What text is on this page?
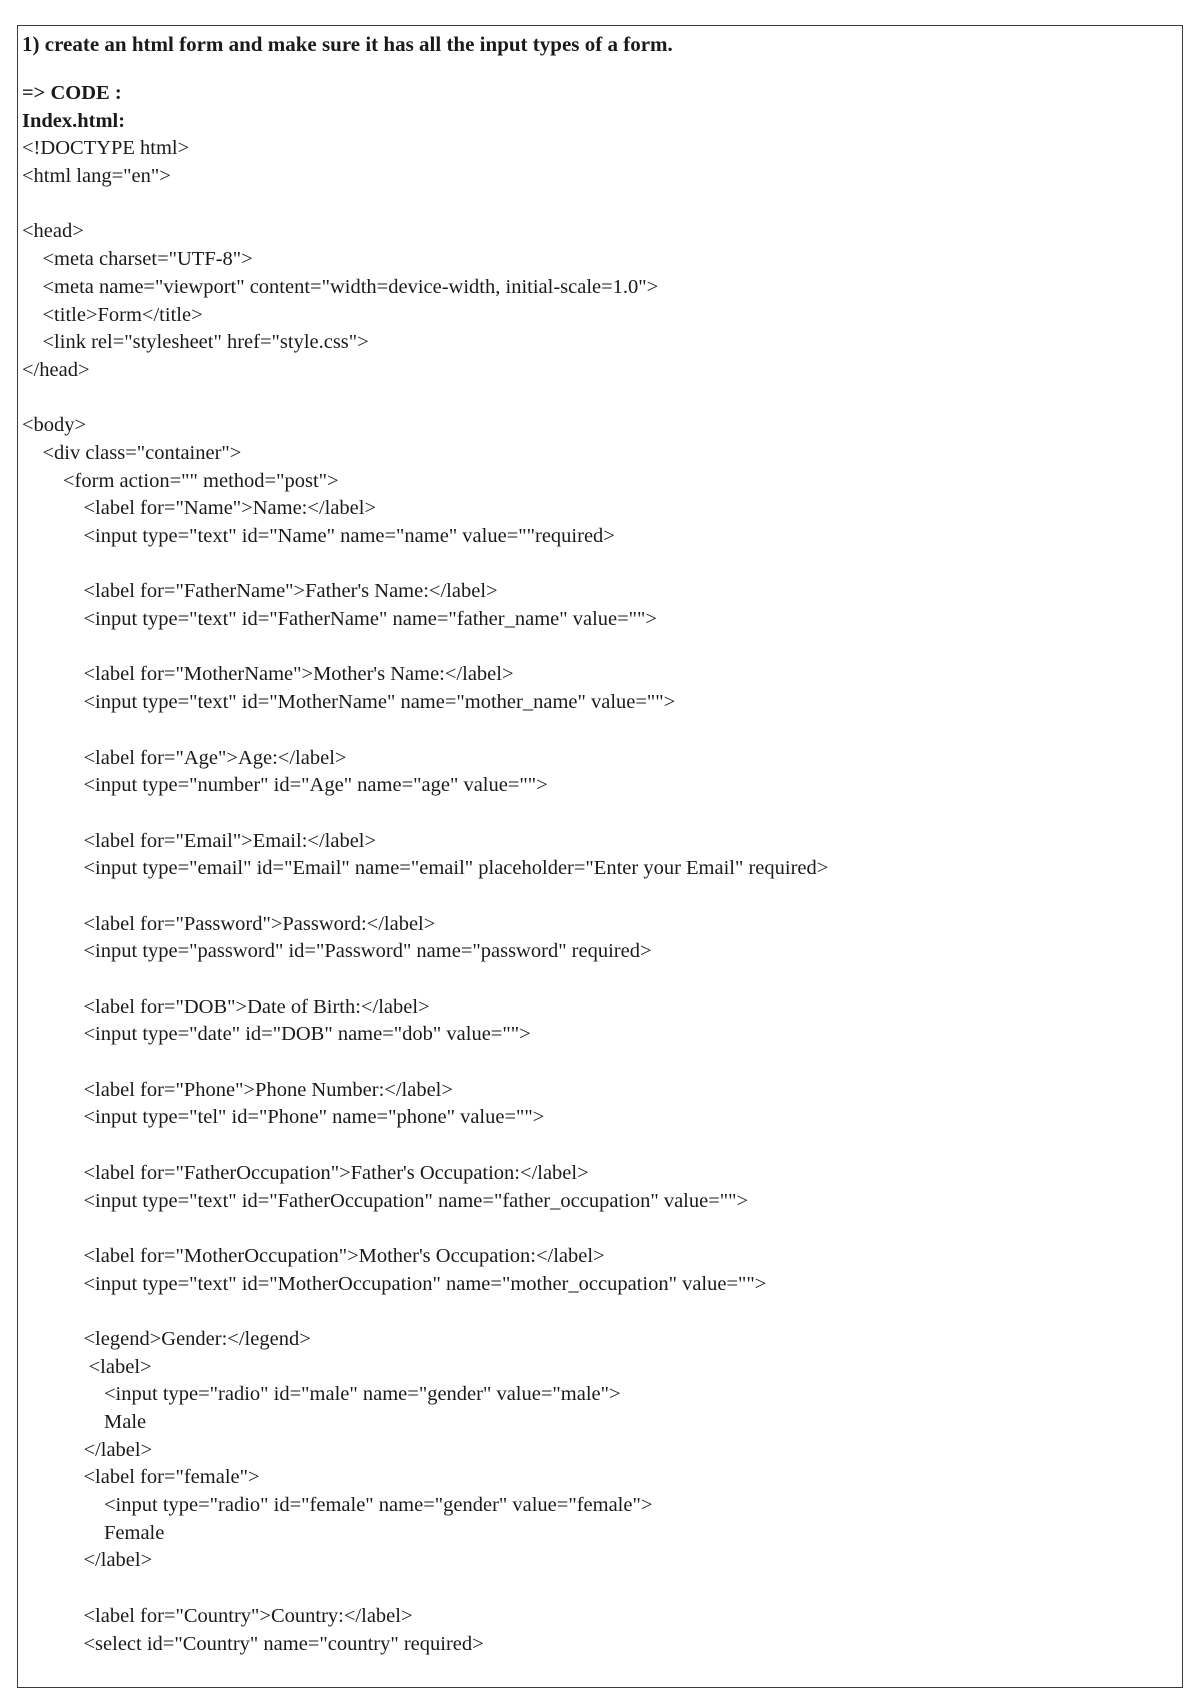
1) create an html form and make sure it has all the input types of a form.
=> CODE :
Index.html:
<!DOCTYPE html>
<html lang="en">
<head>
<meta charset="UTF-8">
<meta name="viewport" content="width=device-width, initial-scale=1.0">
<title>Form</title>
<link rel="stylesheet" href="style.css">
</head>
<body>
<div class="container">
<form action="" method="post">
<label for="Name">Name:</label>
<input type="text" id="Name" name="name" value=""required>
<label for="FatherName">Father's Name:</label>
<input type="text" id="FatherName" name="father_name" value="">
<label for="MotherName">Mother's Name:</label>
<input type="text" id="MotherName" name="mother_name" value="">
<label for="Age">Age:</label>
<input type="number" id="Age" name="age" value="">
<label for="Email">Email:</label>
<input type="email" id="Email" name="email" placeholder="Enter your Email" required>
<label for="Password">Password:</label>
<input type="password" id="Password" name="password" required>
<label for="DOB">Date of Birth:</label>
<input type="date" id="DOB" name="dob" value="">
<label for="Phone">Phone Number:</label>
<input type="tel" id="Phone" name="phone" value="">
<label for="FatherOccupation">Father's Occupation:</label>
<input type="text" id="FatherOccupation" name="father_occupation" value="">
<label for="MotherOccupation">Mother's Occupation:</label>
<input type="text" id="MotherOccupation" name="mother_occupation" value="">
<legend>Gender:</legend>
<label>
<input type="radio" id="male" name="gender" value="male">
Male
</label>
<label for="female">
<input type="radio" id="female" name="gender" value="female">
Female
</label>
<label for="Country">Country:</label>
<select id="Country" name="country" required>
